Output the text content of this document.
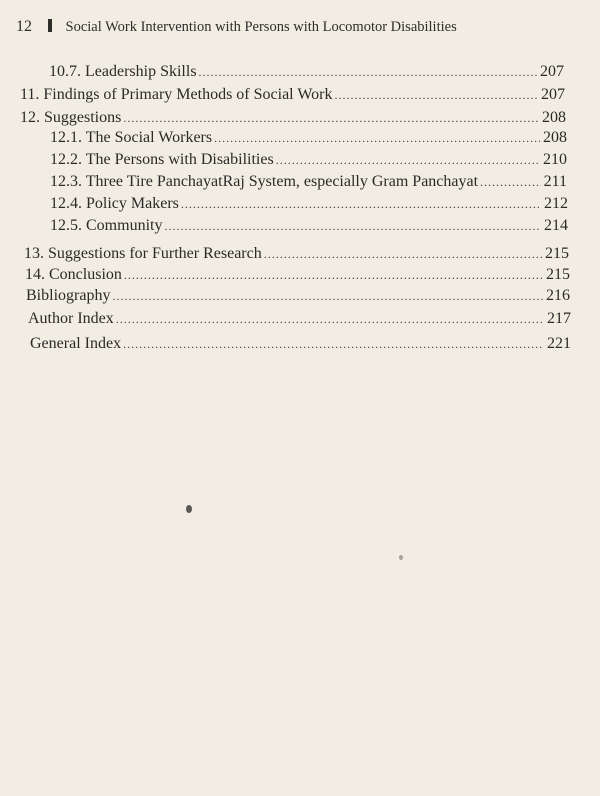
12 Social Work Intervention with Persons with Locomotor Disabilities
10.7. Leadership Skills .....	207
11. Findings of Primary Methods of Social Work .....	207
12. Suggestions .....	208
12.1. The Social Workers .....	208
12.2. The Persons with Disabilities .....	210
12.3. Three Tire PanchayatRaj System, especially Gram Panchayat .....	211
12.4. Policy Makers .....	212
12.5. Community .....	214
13. Suggestions for Further Research .....	215
14. Conclusion .....	215
Bibliography .....	216
Author Index .....	217
General Index .....	221
